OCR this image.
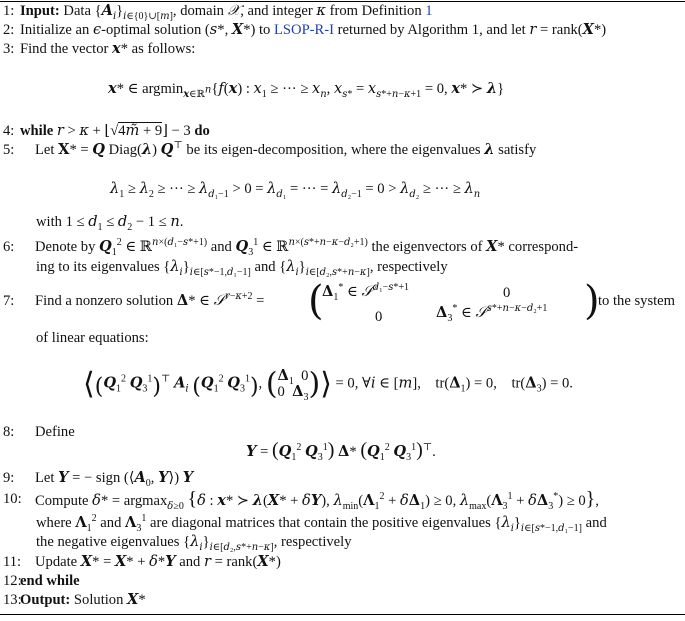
1: Input: Data $\{A_i\}_{i\in\{0\}\cup[m]}$, domain 𝒳, and integer κ from Definition 1
2: Initialize an ϵ-optimal solution (s*, X*) to LSOP-R-I returned by Algorithm 1, and let r = rank(X*)
3: Find the vector x* as follows:
x* ∈ argmin$_{x\in ℝ^n}${f(x) : $x_1$ ≥ ··· ≥ $x_n$, $x_{s*} = x_{s*+n-\kappa+1} = 0$, x* ≻ λ}
4: while r > κ + ⌊√4m̃ + 9⌋ − 3 do
5: Let X* = Q Diag(λ) Q⊤ be its eigen-decomposition, where the eigenvalues λ satisfy
$\lambda_1 \ge \lambda_2$ ≥ ··· ≥ $\lambda_{d_1-1} > 0 = \lambda_{d_1}$ = ··· = $\lambda_{d_2-1} = 0 > \lambda_{d_2}$ ≥ ··· ≥ $\lambda_n$
with $1 \le d_1 \le d_2 - 1 \le n$.
6: Denote by $Q_1^2$ ∈ ℝ$^{n\times(d_1-s*+1)}$ and $Q_3^1$ ∈ ℝ$^{n\times(s*+n-\kappa-d_2+1)}$ the eigenvectors of X* correspond-
ing to its eigenvalues $\{\lambda_i\}_{i\in[s*-1,d_1-1]}$ and $\{\lambda_i\}_{i\in[d_2,s*+n-\kappa]}$, respectively
7: Find a nonzero solution Δ* ∈ 𝒮$^{r-\kappa+2}$ = (
$\Delta_1^*$ ∈ 𝒮$^{d_1-s*+1}$	0
0	$\Delta_3^*$ ∈ 𝒮$^{s*+n-\kappa-d_2+1}$ )
to the system
of linear equations:
$⟨(Q_1^2$ $Q_3^1)^⊤$ $A_i$ ($Q_1^2$ $Q_3^1$), ($\Delta_1$  0
0  $\Delta_3)⟩ = 0$, ∀i ∈ [m],    $tr(\Delta_1) = 0$,    $tr(\Delta_3) = 0$.
8: Define
$Y = (Q_1^2$ $Q_3^1$) Δ* ($Q_1^2$ $Q_3^1)^⊤$.
9: Let Y = − sign ($⟨A_0$, Y⟩) Y
10: Compute δ* = argmax$_{\delta\ge 0}$ {δ : x* ≻ λ(X* + δY), $\lambda_{min}(\Lambda_1^2 + \delta\Delta_1) \ge 0$, $\lambda_{max}(\Lambda_3^1 + \delta\Delta_3^*) \ge 0$},
where $\Lambda_1^2$ and $\Lambda_3^1$ are diagonal matrices that contain the positive eigenvalues $\{\lambda_i\}_{i\in[s*-1,d_1-1]}$ and
the negative eigenvalues $\{\lambda_i\}_{i\in[d_2,s*+n-\kappa]}$, respectively
11: Update X* = X* + δ*Y and r = rank(X*)
12:
end while
13:
Output: Solution X*
